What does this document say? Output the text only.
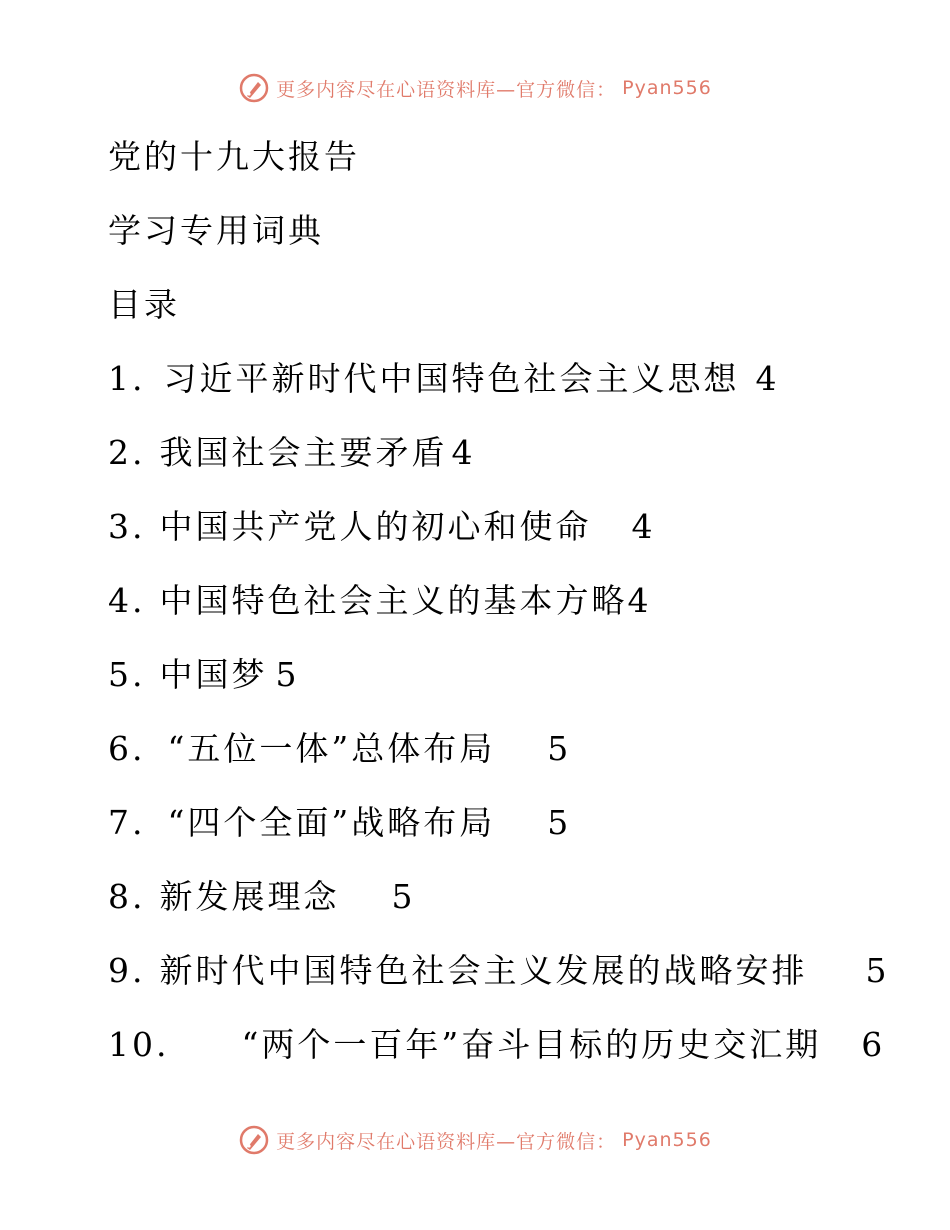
更多内容尽在心语资料库—官方微信： Pyan556
党的十九大报告
学习专用词典
目录
1. 习近平新时代中国特色社会主义思想 4
2. 我国社会主要矛盾 4
3. 中国共产党人的初心和使命 4
4. 中国特色社会主义的基本方略 4
5. 中国梦 5
6. “五位一体”总体布局 5
7. “四个全面”战略布局 5
8. 新发展理念 5
9. 新时代中国特色社会主义发展的战略安排 5
10. “两个一百年”奋斗目标的历史交汇期 6
更多内容尽在心语资料库—官方微信： Pyan556
